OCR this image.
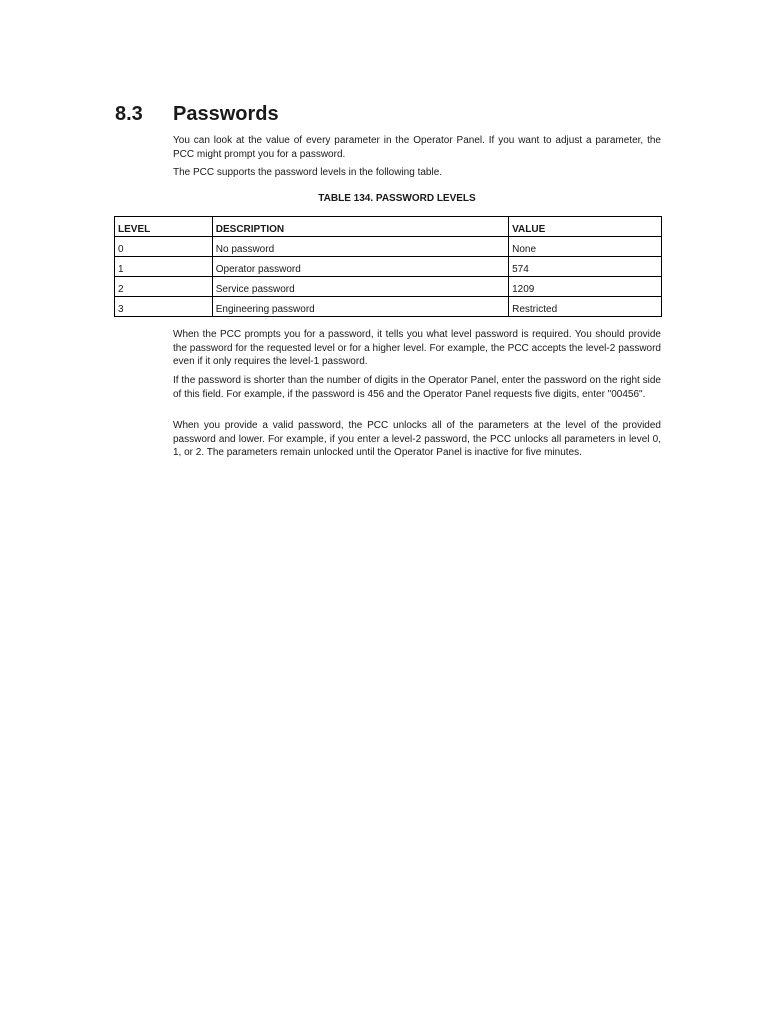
8.3 Passwords

You can look at the value of every parameter in the Operator Panel. If you want to adjust a parameter, the PCC might prompt you for a password.

The PCC supports the password levels in the following table.

TABLE 134. PASSWORD LEVELS
LEVEL	DESCRIPTION	VALUE
0	No password	None
1	Operator password	574
2	Service password	1209
3	Engineering password	Restricted

When the PCC prompts you for a password, it tells you what level password is required. You should provide the password for the requested level or for a higher level. For example, the PCC accepts the level-2 password even if it only requires the level-1 password.

If the password is shorter than the number of digits in the Operator Panel, enter the password on the right side of this field. For example, if the password is 456 and the Operator Panel requests five digits, enter "00456".

When you provide a valid password, the PCC unlocks all of the parameters at the level of the provided password and lower. For example, if you enter a level-2 password, the PCC unlocks all parameters in level 0, 1, or 2. The parameters remain unlocked until the Operator Panel is inactive for five minutes.
